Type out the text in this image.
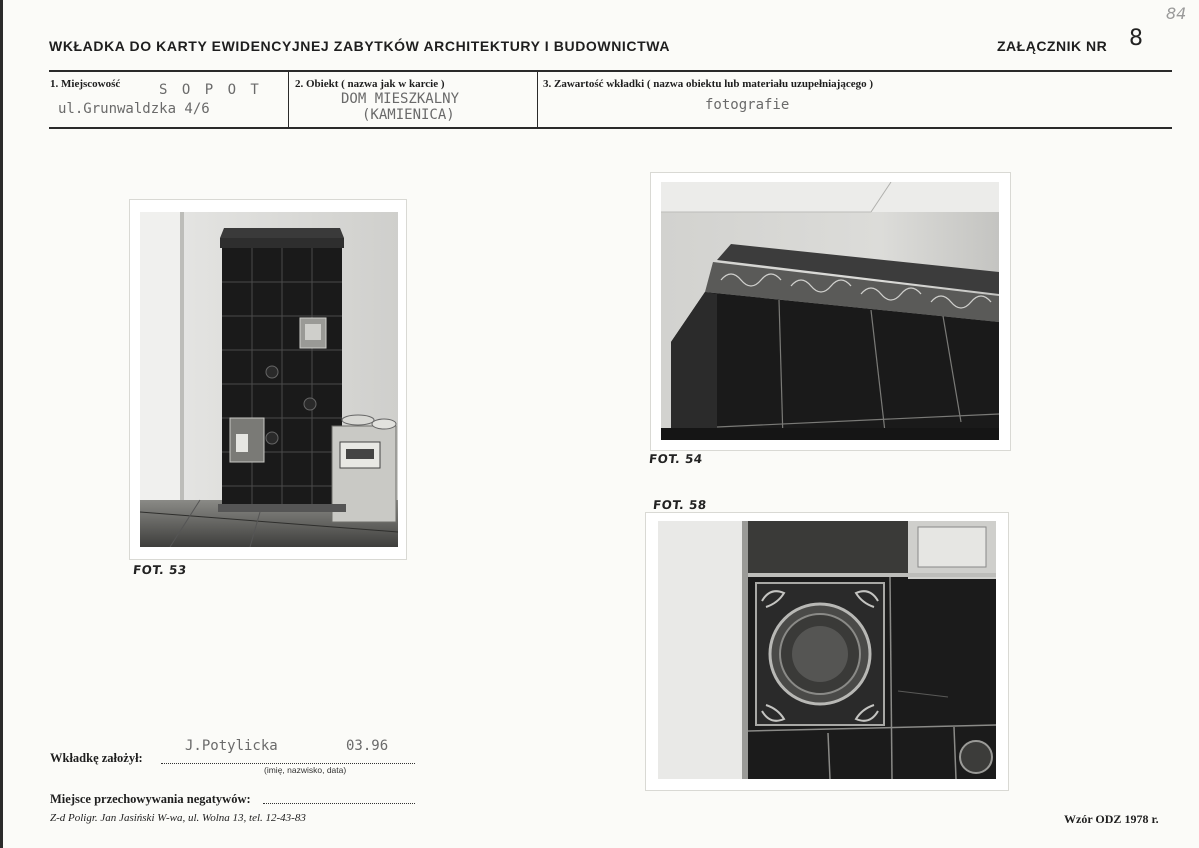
84
WKŁADKA DO KARTY EWIDENCYJNEJ ZABYTKÓW ARCHITEKTURY I BUDOWNICTWA	ZAŁĄCZNIK NR 8
1. Miejscowość	S O P O T
ul.Grunwaldzka 4/6
2. Obiekt ( nazwa jak w karcie )
DOM MIESZKALNY
(KAMIENICA)
3. Zawartość wkładki ( nazwa obiektu lub materiału uzupełniającego )
fotografie
FOT. 53
FOT. 54
FOT. 58
Wkładkę założył:
J.Potylicka	03.96
(imię, nazwisko, data)
Miejsce przechowywania negatywów:
Z-d Poligr. Jan Jasiński W-wa, ul. Wolna 13, tel. 12-43-83	Wzór ODZ 1978 r.
